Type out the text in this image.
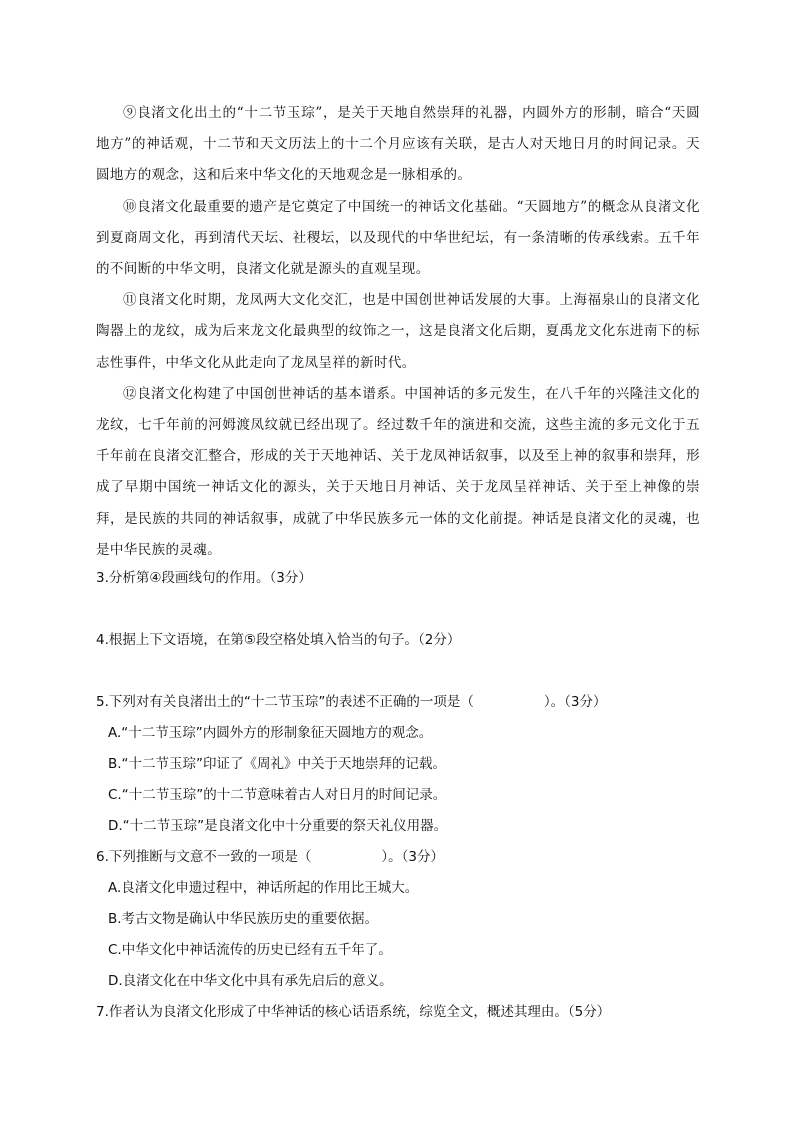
⑨良渚文化出土的“十二节玉琮”，是关于天地自然崇拜的礼器，内圆外方的形制，暗合“天圆地方”的神话观，十二节和天文历法上的十二个月应该有关联，是古人对天地日月的时间记录。天圆地方的观念，这和后来中华文化的天地观念是一脉相承的。

⑩良渚文化最重要的遗产是它奠定了中国统一的神话文化基础。“天圆地方”的概念从良渚文化到夏商周文化，再到清代天坛、社稷坛，以及现代的中华世纪坛，有一条清晰的传承线索。五千年的不间断的中华文明，良渚文化就是源头的直观呈现。

⑪良渚文化时期，龙凤两大文化交汇，也是中国创世神话发展的大事。上海福泉山的良渚文化陶器上的龙纹，成为后来龙文化最典型的纹饰之一，这是良渚文化后期，夏禹龙文化东进南下的标志性事件，中华文化从此走向了龙凤呈祥的新时代。

⑫良渚文化构建了中国创世神话的基本谱系。中国神话的多元发生，在八千年的兴隆洼文化的龙纹，七千年前的河姆渡凤纹就已经出现了。经过数千年的演进和交流，这些主流的多元文化于五千年前在良渚交汇整合，形成的关于天地神话、关于龙凤神话叙事，以及至上神的叙事和崇拜，形成了早期中国统一神话文化的源头，关于天地日月神话、关于龙凤呈祥神话、关于至上神像的崇拜，是民族的共同的神话叙事，成就了中华民族多元一体的文化前提。神话是良渚文化的灵魂，也是中华民族的灵魂。

3.分析第④段画线句的作用。（3分）

4.根据上下文语境，在第⑤段空格处填入恰当的句子。（2分）

5.下列对有关良渚出土的“十二节玉琮”的表述不正确的一项是（	）。（3分）

A.“十二节玉琮”内圆外方的形制象征天圆地方的观念。

B.“十二节玉琮”印证了《周礼》中关于天地崇拜的记载。

C.“十二节玉琮”的十二节意味着古人对日月的时间记录。

D.“十二节玉琮”是良渚文化中十分重要的祭天礼仪用器。

6.下列推断与文意不一致的一项是（	）。（3分）

A.良渚文化申遗过程中，神话所起的作用比王城大。

B.考古文物是确认中华民族历史的重要依据。

C.中华文化中神话流传的历史已经有五千年了。

D.良渚文化在中华文化中具有承先启后的意义。

7.作者认为良渚文化形成了中华神话的核心话语系统，综览全文，概述其理由。（5分）
